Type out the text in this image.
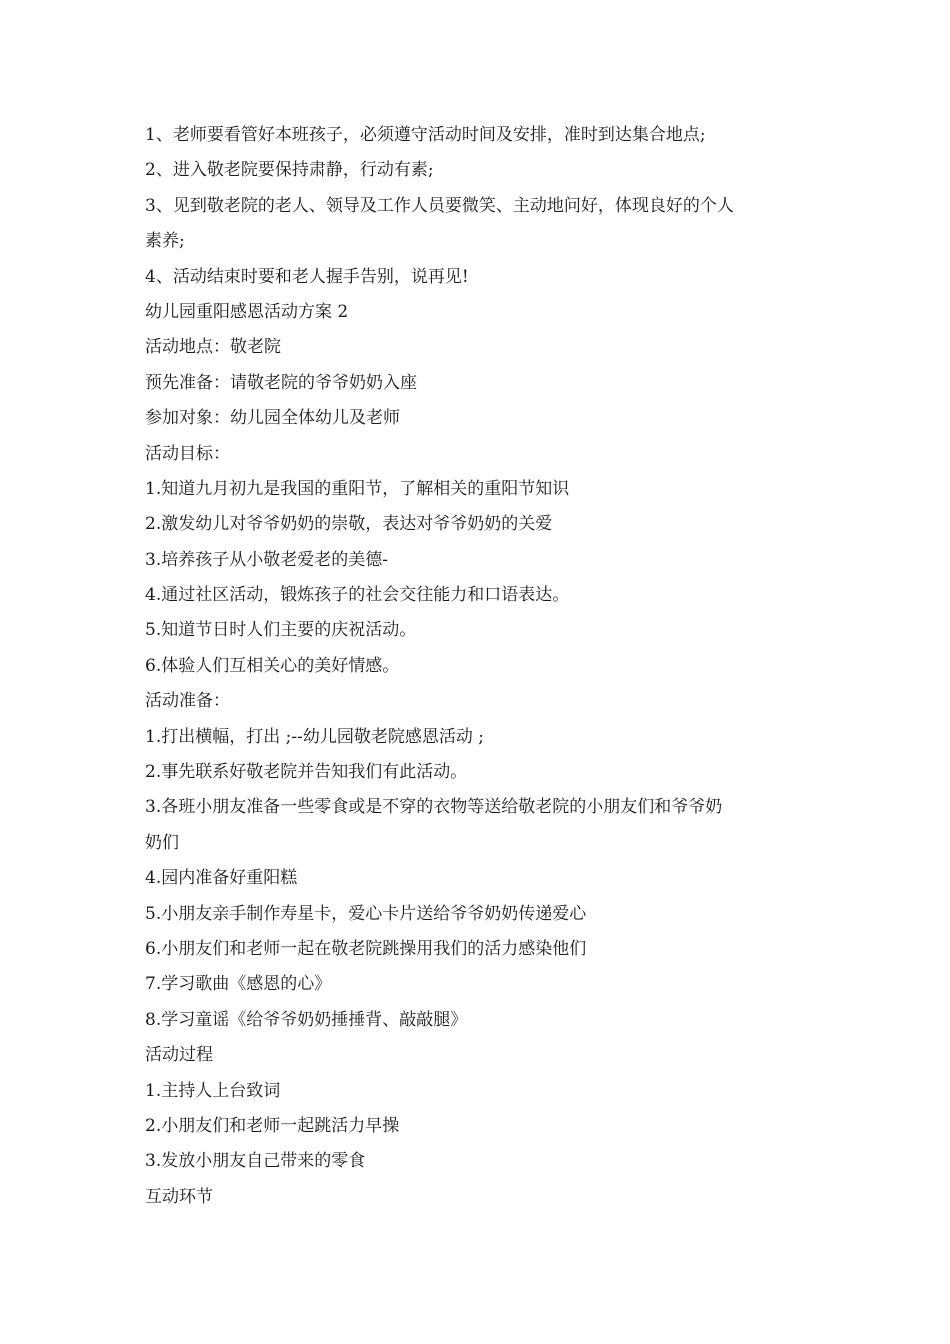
1、老师要看管好本班孩子，必须遵守活动时间及安排，准时到达集合地点;
2、进入敬老院要保持肃静，行动有素;
3、见到敬老院的老人、领导及工作人员要微笑、主动地问好，体现良好的个人
素养;
4、活动结束时要和老人握手告别，说再见!
幼儿园重阳感恩活动方案 2
活动地点：敬老院
预先准备：请敬老院的爷爷奶奶入座
参加对象：幼儿园全体幼儿及老师
活动目标：
1.知道九月初九是我国的重阳节，了解相关的重阳节知识
2.激发幼儿对爷爷奶奶的崇敬，表达对爷爷奶奶的关爱
3.培养孩子从小敬老爱老的美德-
4.通过社区活动，锻炼孩子的社会交往能力和口语表达。
5.知道节日时人们主要的庆祝活动。
6.体验人们互相关心的美好情感。
活动准备：
1.打出横幅，打出 ;--幼儿园敬老院感恩活动 ;
2.事先联系好敬老院并告知我们有此活动。
3.各班小朋友准备一些零食或是不穿的衣物等送给敬老院的小朋友们和爷爷奶
奶们
4.园内准备好重阳糕
5.小朋友亲手制作寿星卡，爱心卡片送给爷爷奶奶传递爱心
6.小朋友们和老师一起在敬老院跳操用我们的活力感染他们
7.学习歌曲《感恩的心》
8.学习童谣《给爷爷奶奶捶捶背、敲敲腿》
活动过程
1.主持人上台致词
2.小朋友们和老师一起跳活力早操
3.发放小朋友自己带来的零食
互动环节
